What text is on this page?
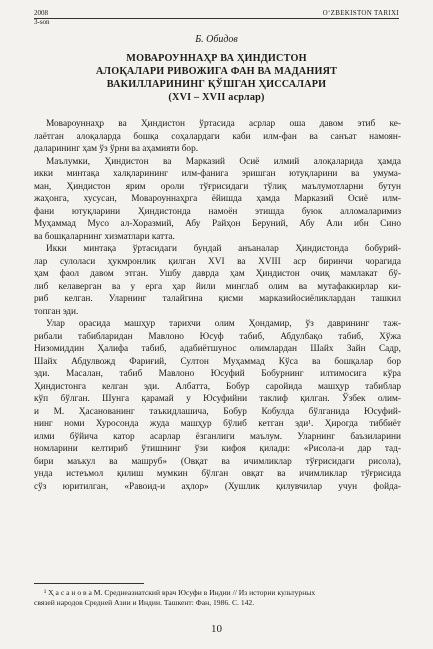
2008
3-son
O‘ZBEKISTON TARIXI
Б. Обидов
МОВАРОУННАҲР ВА ҲИНДИСТОН
АЛОҚАЛАРИ РИВОЖИГА ФАН ВА МАДАНИЯТ
ВАКИЛЛАРИНИНГ ҚЎШГАН ҲИССАЛАРИ
(XVI – XVII асрлар)

Мовароуннаҳр ва Ҳиндистон ўртасида асрлар оша давом этиб ке-
лаётган алоқаларда бошқа соҳалардаги каби илм-фан ва санъат намоян-
даларининг ҳам ўз ўрни ва аҳамияти бор.

Маълумки, Ҳиндистон ва Марказий Осиё илмий алоқаларида ҳамда
икки минтақа халқларининг илм-фанига эришган ютуқларини ва умума-
ман, Ҳиндистон ярим ороли тўғрисидаги тўлиқ маълумотларни бутун
жаҳонга, хусусан, Мовароуннаҳрга ёйишда ҳамда Марказий Осиё илм-
фани ютуқларини Ҳиндистонда намоён этишда буюк алломаларимиз
Муҳаммад Мусо ал-Хоразмий, Абу Райҳон Беруний, Абу Али ибн Сино
ва бошқаларнинг хизматлари катта.

Икки минтақа ўртасидаги бундай анъаналар Ҳиндистонда бобурий-
лар сулоласи ҳукмронлик қилган XVI ва XVIII аср биринчи чорагида
ҳам фаол давом этган. Ушбу даврда ҳам Ҳиндистон очиқ мамлакат бў-
либ келаверган ва у ерга ҳар йили минглаб олим ва мутафаккирлар ки-
риб келган. Уларнинг талайгина қисми марказийосиёликлардан ташкил
топган эди.

Улар орасида машҳур тарихчи олим Ҳондамир, ўз даврининг таж-
рибали табибларидан Мавлоно Юсуф табиб, Абдулбақо табиб, Хўжа
Низомиддин Ҳалифа табиб, адабиётшунос олимлардан Шайх Зайн Садр,
Шайх Абдулвожд Фариғий, Султон Муҳаммад Кўса ва бошқалар бор
эди. Масалан, табиб Мавлоно Юсуфий Бобурнинг илтимосига кўра
Ҳиндистонга келган эди. Албатта, Бобур саройида машҳур табиблар
кўп бўлган. Шунга қарамай у Юсуфийни таклиф қилган. Ўзбек олим-
и М. Ҳасанованинг таъкидлашича, Бобур Кобулда бўлганида Юсуфий-
нинг номи Хуросонда жуда машҳур бўлиб кетган эди¹. Ҳирогда тиббиёт
илми бўйича катор асарлар ёзганлиги маълум. Уларнинг баъзиларини
номларини келтириб ўтишнинг ўзи кифоя қилади: «Рисола-и дар тад-
бири маъкул ва машруб» (Овқат ва ичимликлар тўғрисидаги рисола),
унда истеъмол қилиш мумкин бўлган овқат ва ичимликлар тўғрисида
сўз юритилган, «Равоид-и аҳлор» (Хушлик қилувчилар учун фойда-

¹ Ҳ а с а н о в а М. Среднеазиатский врач Юсуфи в Индии // Из истории культурных
связей народов Средней Азии и Индии. Ташкент: Фан, 1986. С. 142.
10
